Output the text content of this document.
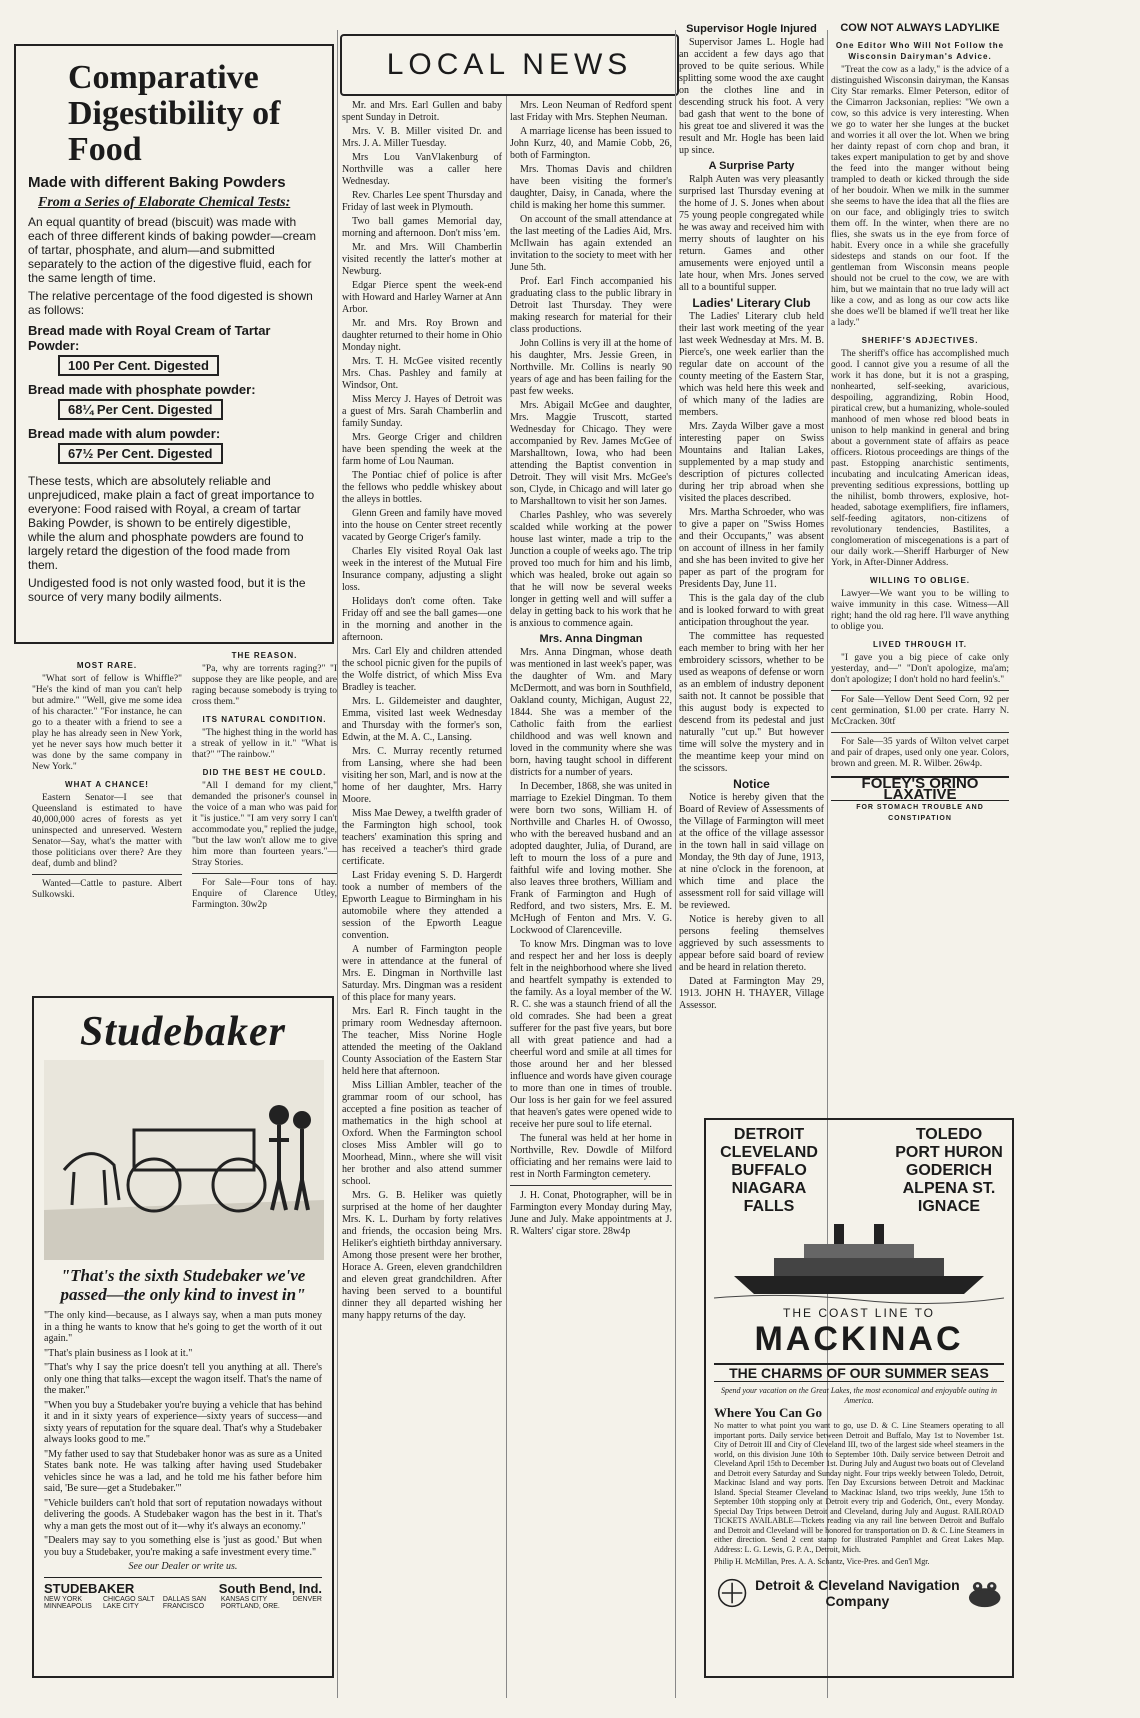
Comparative Digestibility of Food
Made with different Baking Powders
From a Series of Elaborate Chemical Tests:
An equal quantity of bread (biscuit) was made with each of three different kinds of baking powder—cream of tartar, phosphate, and alum—and submitted separately to the action of the digestive fluid, each for the same length of time.
The relative percentage of the food digested is shown as follows:
Bread made with Royal Cream of Tartar Powder:
100 Per Cent. Digested
Bread made with phosphate powder:
68¼ Per Cent. Digested
Bread made with alum powder:
67½ Per Cent. Digested
These tests, which are absolutely reliable and unprejudiced, make plain a fact of great importance to everyone: Food raised with Royal, a cream of tartar Baking Powder, is shown to be entirely digestible, while the alum and phosphate powders are found to largely retard the digestion of the food made from them.
Undigested food is not only wasted food, but it is the source of very many bodily ailments.
MOST RARE.

"What sort of fellow is Whiffle?" "He's the kind of man you can't help but admire." "Well, give me some idea of his character." "For instance, he can go to a theater with a friend to see a play he has already seen in New York, yet he never says how much better it was done by the same company in New York."

WHAT A CHANCE!

Eastern Senator—I see that Queensland is estimated to have 40,000,000 acres of forests as yet uninspected and unreserved. Western Senator—Say, what's the matter with those politicians over there? Are they deaf, dumb and blind?

Wanted—Cattle to pasture. Albert Sulkowski.

THE REASON.

"Pa, why are torrents raging?" "I suppose they are like people, and are raging because somebody is trying to cross them."

ITS NATURAL CONDITION.

"The highest thing in the world has a streak of yellow in it." "What is that?" "The rainbow."

DID THE BEST HE COULD.

"All I demand for my client," demanded the prisoner's counsel in the voice of a man who was paid for it "is justice." "I am very sorry I can't accommodate you," replied the judge, "but the law won't allow me to give him more than fourteen years."—Stray Stories.

For Sale—Four tons of hay. Enquire of Clarence Utley, Farmington. 30w2p

Studebaker
"That's the sixth Studebaker we've passed—the only kind to invest in"
"The only kind—because, as I always say, when a man puts money in a thing he wants to know that he's going to get the worth of it out again."
"That's plain business as I look at it."
"That's why I say the price doesn't tell you anything at all. There's only one thing that talks—except the wagon itself. That's the name of the maker."
"When you buy a Studebaker you're buying a vehicle that has behind it and in it sixty years of experience—sixty years of success—and sixty years of reputation for the square deal. That's why a Studebaker always looks good to me."
"My father used to say that Studebaker honor was as sure as a United States bank note. He was talking after having used Studebaker vehicles since he was a lad, and he told me his father before him said, 'Be sure—get a Studebaker.'"
"Vehicle builders can't hold that sort of reputation nowadays without delivering the goods. A Studebaker wagon has the best in it. That's why a man gets the most out of it—why it's always an economy."
"Dealers may say to you something else is 'just as good.' But when you buy a Studebaker, you're making a safe investment every time."
See our Dealer or write us.
STUDEBAKER	South Bend, Ind.
NEW YORK MINNEAPOLIS
CHICAGO SALT LAKE CITY
DALLAS SAN FRANCISCO
KANSAS CITY PORTLAND, ORE.
DENVER
LOCAL NEWS

Mr. and Mrs. Earl Gullen and baby spent Sunday in Detroit.

Mrs. V. B. Miller visited Dr. and Mrs. J. A. Miller Tuesday.

Mrs Lou VanVlakenburg of Northville was a caller here Wednesday.

Rev. Charles Lee spent Thursday and Friday of last week in Plymouth.

Two ball games Memorial day, morning and afternoon. Don't miss 'em.

Mr. and Mrs. Will Chamberlin visited recently the latter's mother at Newburg.

Edgar Pierce spent the week-end with Howard and Harley Warner at Ann Arbor.

Mr. and Mrs. Roy Brown and daughter returned to their home in Ohio Monday night.

Mrs. T. H. McGee visited recently Mrs. Chas. Pashley and family at Windsor, Ont.

Miss Mercy J. Hayes of Detroit was a guest of Mrs. Sarah Chamberlin and family Sunday.

Mrs. George Criger and children have been spending the week at the farm home of Lou Nauman.

The Pontiac chief of police is after the fellows who peddle whiskey about the alleys in bottles.

Glenn Green and family have moved into the house on Center street recently vacated by George Criger's family.

Charles Ely visited Royal Oak last week in the interest of the Mutual Fire Insurance company, adjusting a slight loss.

Holidays don't come often. Take Friday off and see the ball games—one in the morning and another in the afternoon.

Mrs. Carl Ely and children attended the school picnic given for the pupils of the Wolfe district, of which Miss Eva Bradley is teacher.

Mrs. L. Gildemeister and daughter, Emma, visited last week Wednesday and Thursday with the former's son, Edwin, at the M. A. C., Lansing.

Mrs. C. Murray recently returned from Lansing, where she had been visiting her son, Marl, and is now at the home of her daughter, Mrs. Harry Moore.

Miss Mae Dewey, a twelfth grader of the Farmington high school, took teachers' examination this spring and has received a teacher's third grade certificate.

Last Friday evening S. D. Hargerdt took a number of members of the Epworth League to Birmingham in his automobile where they attended a session of the Epworth League convention.

A number of Farmington people were in attendance at the funeral of Mrs. E. Dingman in Northville last Saturday. Mrs. Dingman was a resident of this place for many years.

Mrs. Earl R. Finch taught in the primary room Wednesday afternoon. The teacher, Miss Norine Hogle attended the meeting of the Oakland County Association of the Eastern Star held here that afternoon.

Miss Lillian Ambler, teacher of the grammar room of our school, has accepted a fine position as teacher of mathematics in the high school at Oxford. When the Farmington school closes Miss Ambler will go to Moorhead, Minn., where she will visit her brother and also attend summer school.

Mrs. G. B. Heliker was quietly surprised at the home of her daughter Mrs. K. L. Durham by forty relatives and friends, the occasion being Mrs. Heliker's eightieth birthday anniversary. Among those present were her brother, Horace A. Green, eleven grandchildren and eleven great grandchildren. After having been served to a bountiful dinner they all departed wishing her many happy returns of the day.

Mrs. Leon Neuman of Redford spent last Friday with Mrs. Stephen Neuman.

A marriage license has been issued to John Kurz, 40, and Mamie Cobb, 26, both of Farmington.

Mrs. Thomas Davis and children have been visiting the former's daughter, Daisy, in Canada, where the child is making her home this summer.

On account of the small attendance at the last meeting of the Ladies Aid, Mrs. McIlwain has again extended an invitation to the society to meet with her June 5th.

Prof. Earl Finch accompanied his graduating class to the public library in Detroit last Thursday. They were making research for material for their class productions.

John Collins is very ill at the home of his daughter, Mrs. Jessie Green, in Northville. Mr. Collins is nearly 90 years of age and has been failing for the past few weeks.

Mrs. Abigail McGee and daughter, Mrs. Maggie Truscott, started Wednesday for Chicago. They were accompanied by Rev. James McGee of Marshalltown, Iowa, who had been attending the Baptist convention in Detroit. They will visit Mrs. McGee's son, Clyde, in Chicago and will later go to Marshalltown to visit her son James.

Charles Pashley, who was severely scalded while working at the power house last winter, made a trip to the Junction a couple of weeks ago. The trip proved too much for him and his limb, which was healed, broke out again so that he will now be several weeks longer in getting well and will suffer a delay in getting back to his work that he is anxious to commence again.

Mrs. Anna Dingman

Mrs. Anna Dingman, whose death was mentioned in last week's paper, was the daughter of Wm. and Mary McDermott, and was born in Southfield, Oakland county, Michigan, August 22, 1844. She was a member of the Catholic faith from the earliest childhood and was well known and loved in the community where she was born, having taught school in different districts for a number of years.

In December, 1868, she was united in marriage to Ezekiel Dingman. To them were born two sons, William H. of Northville and Charles H. of Owosso, who with the bereaved husband and an adopted daughter, Julia, of Durand, are left to mourn the loss of a pure and faithful wife and loving mother. She also leaves three brothers, William and Frank of Farmington and Hugh of Redford, and two sisters, Mrs. E. M. McHugh of Fenton and Mrs. V. G. Lockwood of Clarenceville.

To know Mrs. Dingman was to love and respect her and her loss is deeply felt in the neighborhood where she lived and heartfelt sympathy is extended to the family. As a loyal member of the W. R. C. she was a staunch friend of all the old comrades. She had been a great sufferer for the past five years, but bore all with great patience and had a cheerful word and smile at all times for those around her and her blessed influence and words have given courage to more than one in times of trouble. Our loss is her gain for we feel assured that heaven's gates were opened wide to receive her pure soul to life eternal.

The funeral was held at her home in Northville, Rev. Dowdle of Milford officiating and her remains were laid to rest in North Farmington cemetery.

J. H. Conat, Photographer, will be in Farmington every Monday during May, June and July. Make appointments at J. R. Walters' cigar store. 28w4p

Supervisor Hogle Injured

Supervisor James L. Hogle had an accident a few days ago that proved to be quite serious. While splitting some wood the axe caught on the clothes line and in descending struck his foot. A very bad gash that went to the bone of his great toe and slivered it was the result and Mr. Hogle has been laid up since.

A Surprise Party

Ralph Auten was very pleasantly surprised last Thursday evening at the home of J. S. Jones when about 75 young people congregated while he was away and received him with merry shouts of laughter on his return. Games and other amusements were enjoyed until a late hour, when Mrs. Jones served all to a bountiful supper.

Ladies' Literary Club

The Ladies' Literary club held their last work meeting of the year last week Wednesday at Mrs. M. B. Pierce's, one week earlier than the regular date on account of the county meeting of the Eastern Star, which was held here this week and of which many of the ladies are members.

Mrs. Zayda Wilber gave a most interesting paper on Swiss Mountains and Italian Lakes, supplemented by a map study and description of pictures collected during her trip abroad when she visited the places described.

Mrs. Martha Schroeder, who was to give a paper on "Swiss Homes and their Occupants," was absent on account of illness in her family and she has been invited to give her paper as part of the program for Presidents Day, June 11.

This is the gala day of the club and is looked forward to with great anticipation throughout the year.

The committee has requested each member to bring with her her embroidery scissors, whether to be used as weapons of defense or worn as an emblem of industry deponent saith not. It cannot be possible that this august body is expected to descend from its pedestal and just naturally "cut up." But however time will solve the mystery and in the meantime keep your mind on the scissors.

Notice

Notice is hereby given that the Board of Review of Assessments of the Village of Farmington will meet at the office of the village assessor in the town hall in said village on Monday, the 9th day of June, 1913, at nine o'clock in the forenoon, at which time and place the assessment roll for said village will be reviewed.

Notice is hereby given to all persons feeling themselves aggrieved by such assessments to appear before said board of review and be heard in relation thereto.

Dated at Farmington May 29, 1913. JOHN H. THAYER, Village Assessor.

COW NOT ALWAYS LADYLIKE
One Editor Who Will Not Follow the Wisconsin Dairyman's Advice.

"Treat the cow as a lady," is the advice of a distinguished Wisconsin dairyman, the Kansas City Star remarks. Elmer Peterson, editor of the Cimarron Jacksonian, replies: "We own a cow, so this advice is very interesting. When we go to water her she lunges at the bucket and worries it all over the lot. When we bring her dainty repast of corn chop and bran, it takes expert manipulation to get by and shove the feed into the manger without being trampled to death or kicked through the side of her boudoir. When we milk in the summer she seems to have the idea that all the flies are on our face, and obligingly tries to switch them off. In the winter, when there are no flies, she swats us in the eye from force of habit. Every once in a while she gracefully sidesteps and stands on our foot. If the gentleman from Wisconsin means people should not be cruel to the cow, we are with him, but we maintain that no true lady will act like a cow, and as long as our cow acts like she does we'll be blamed if we'll treat her like a lady."

SHERIFF'S ADJECTIVES.

The sheriff's office has accomplished much good. I cannot give you a resume of all the work it has done, but it is not a grasping, nonhearted, self-seeking, avaricious, despoiling, aggrandizing, Robin Hood, piratical crew, but a humanizing, whole-souled manhood of men whose red blood beats in unison to help mankind in general and bring about a government state of affairs as peace officers. Riotous proceedings are things of the past. Estopping anarchistic sentiments, incubating and inculcating American ideas, preventing seditious expressions, bottling up the nihilist, bomb throwers, explosive, hot-headed, sabotage exemplifiers, fire inflamers, self-feeding agitators, non-citizens of revolutionary tendencies, Bastilites, a conglomeration of miscegenations is a part of our daily work.—Sheriff Harburger of New York, in After-Dinner Address.

WILLING TO OBLIGE.

Lawyer—We want you to be willing to waive immunity in this case. Witness—All right; hand the old rag here. I'll wave anything to oblige you.

LIVED THROUGH IT.

"I gave you a big piece of cake only yesterday, and—" "Don't apologize, ma'am; don't apologize; I don't hold no hard feelin's."

For Sale—Yellow Dent Seed Corn, 92 per cent germination, $1.00 per crate. Harry N. McCracken. 30tf

For Sale—35 yards of Wilton velvet carpet and pair of drapes, used only one year. Colors, brown and green. M. R. Wilber. 26w4p.

FOLEY'S ORINO LAXATIVE
FOR STOMACH TROUBLE AND CONSTIPATION
DETROIT CLEVELAND BUFFALO NIAGARA FALLS
TOLEDO PORT HURON GODERICH ALPENA ST. IGNACE
THE COAST LINE TO
MACKINAC
THE CHARMS OF OUR SUMMER SEAS
Spend your vacation on the Great Lakes, the most economical and enjoyable outing in America.
Where You Can Go
No matter to what point you want to go, use D. & C. Line Steamers operating to all important ports. Daily service between Detroit and Buffalo, May 1st to November 1st. City of Detroit III and City of Cleveland III, two of the largest side wheel steamers in the world, on this division June 10th to September 10th. Daily service between Detroit and Cleveland April 15th to December 1st. During July and August two boats out of Cleveland and Detroit every Saturday and Sunday night. Four trips weekly between Toledo, Detroit, Mackinac Island and way ports. Ten Day Excursions between Detroit and Mackinac Island. Special Steamer Cleveland to Mackinac Island, two trips weekly, June 15th to September 10th stopping only at Detroit every trip and Goderich, Ont., every Monday. Special Day Trips between Detroit and Cleveland, during July and August. RAILROAD TICKETS AVAILABLE—Tickets reading via any rail line between Detroit and Buffalo and Detroit and Cleveland will be honored for transportation on D. & C. Line Steamers in either direction. Send 2 cent stamp for illustrated Pamphlet and Great Lakes Map. Address: L. G. Lewis, G. P. A., Detroit, Mich.
Philip H. McMillan, Pres. A. A. Schantz, Vice-Pres. and Gen'l Mgr.
Detroit & Cleveland Navigation Company
